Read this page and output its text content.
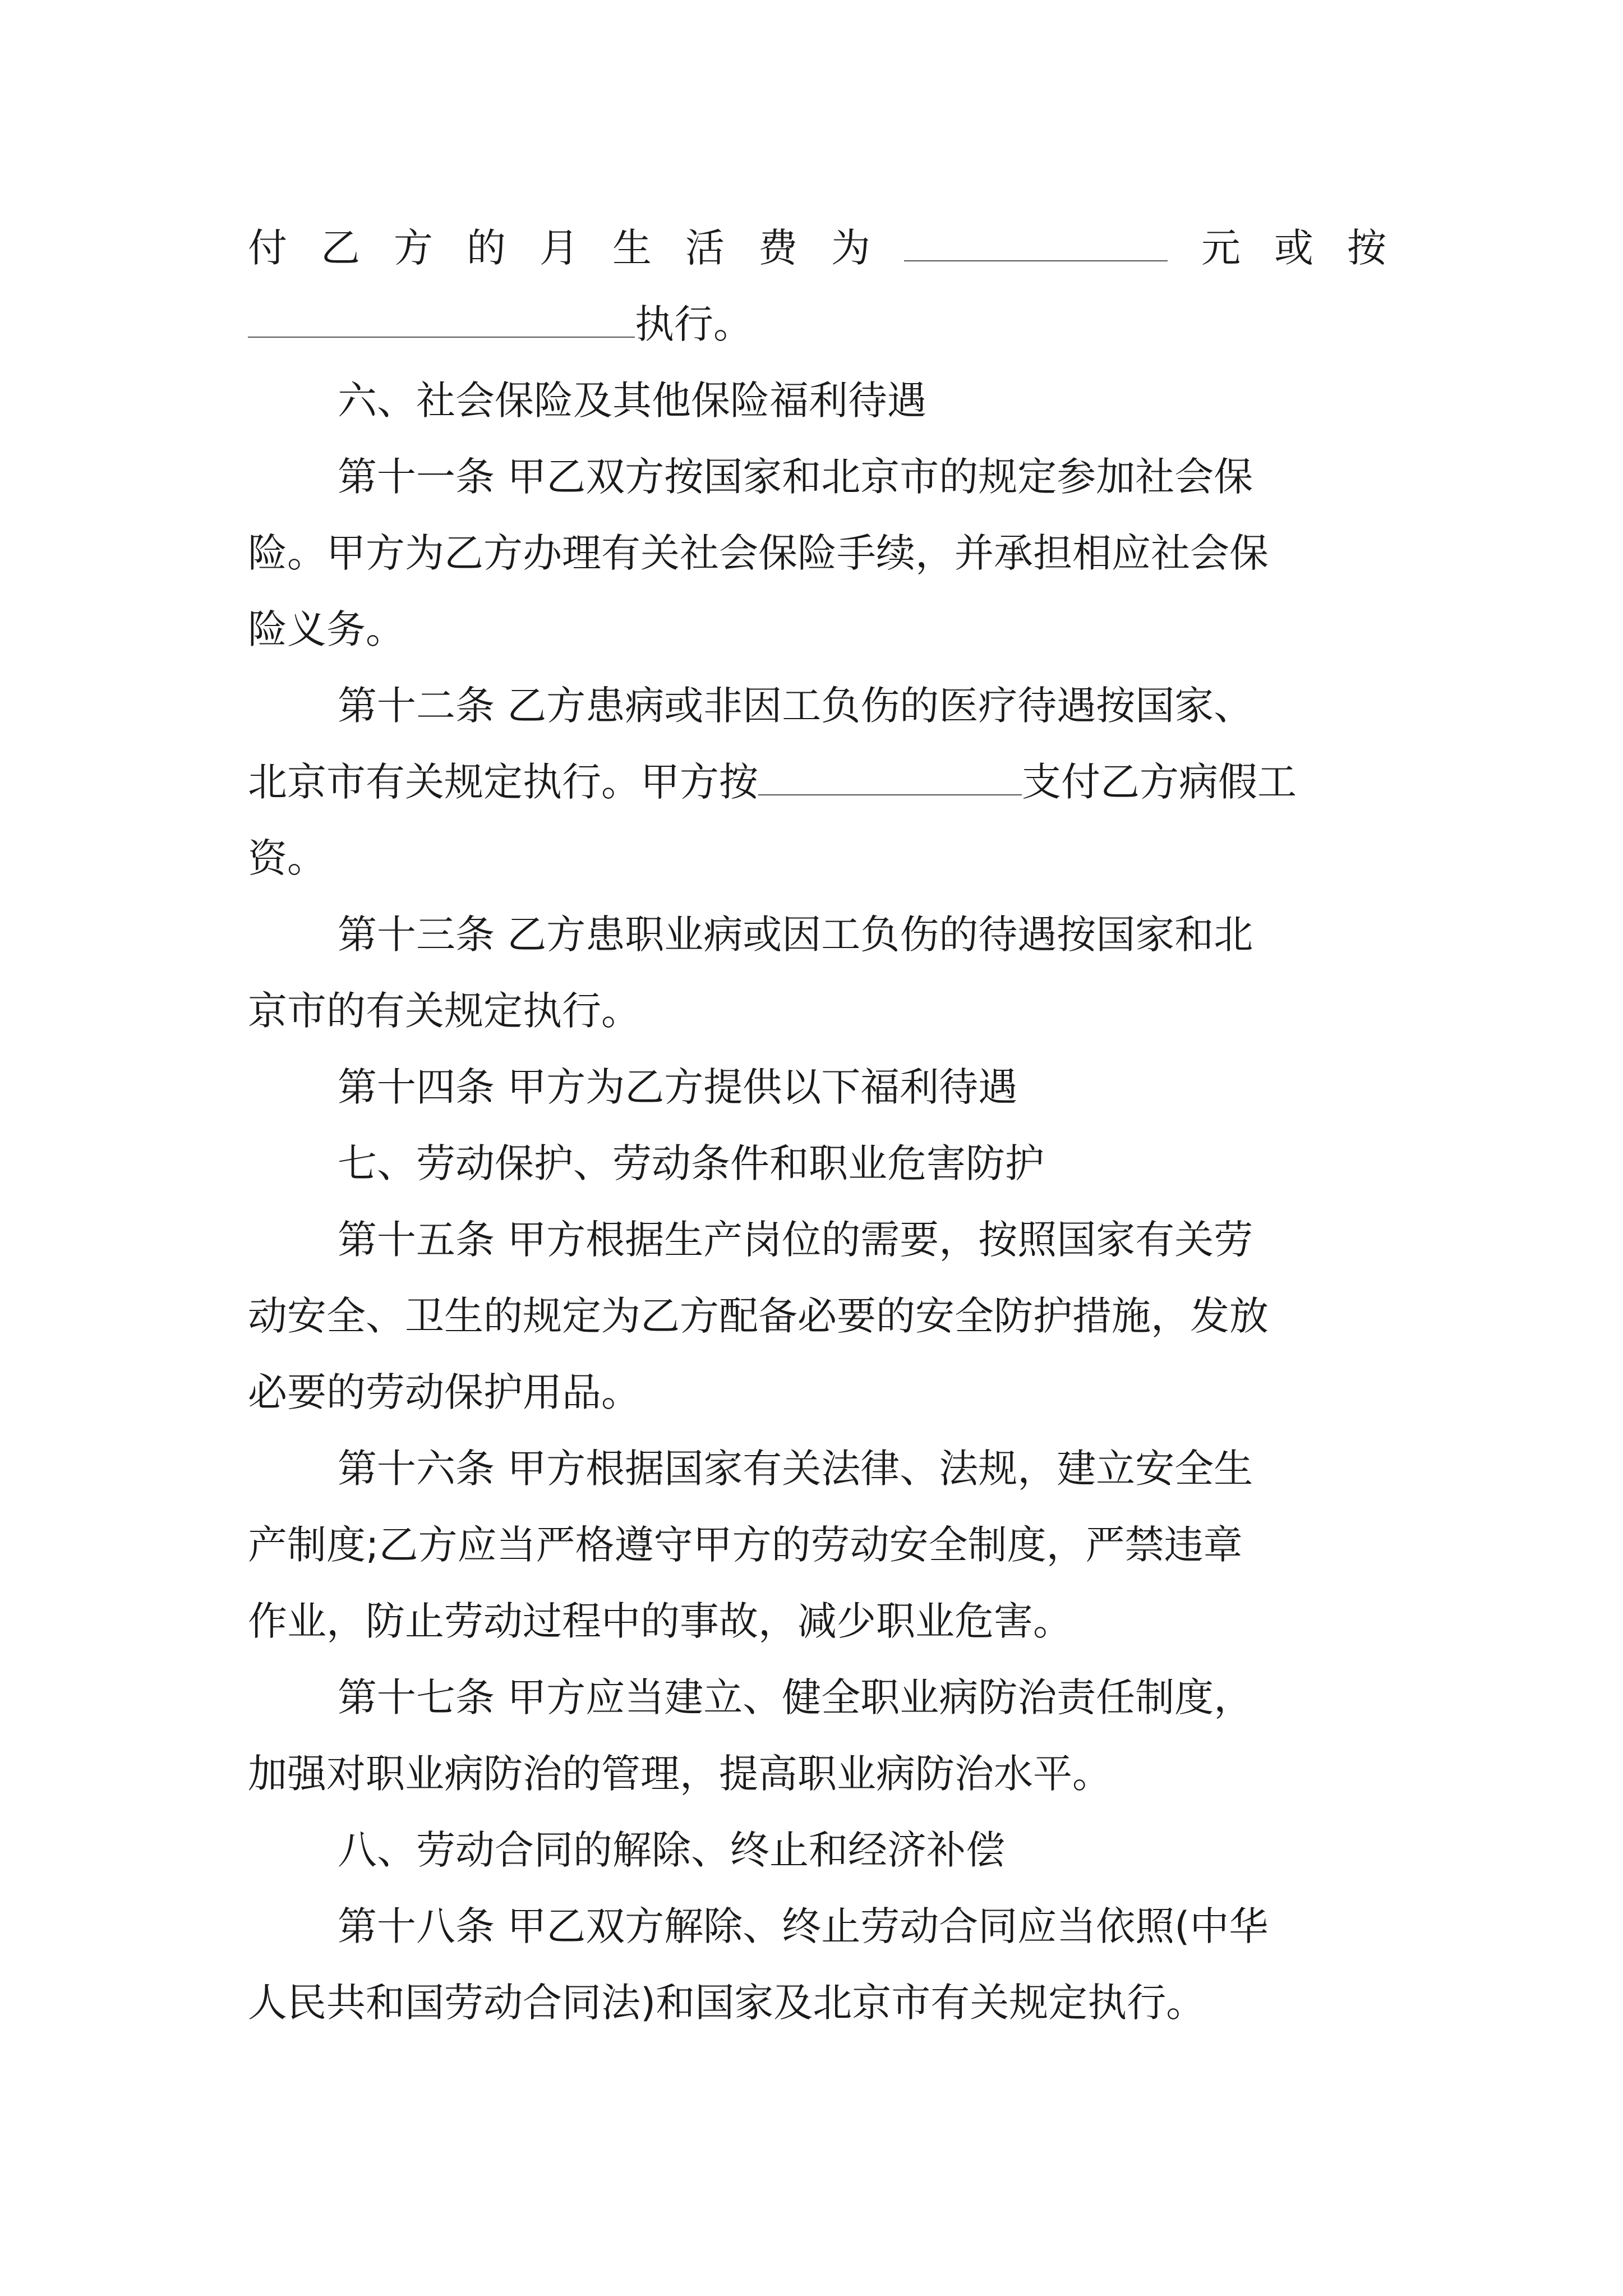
付 乙 方 的 月 生 活 费 为	元 或 按
执行。
六、社会保险及其他保险福利待遇
第十一条 甲乙双方按国家和北京市的规定参加社会保
险。甲方为乙方办理有关社会保险手续，并承担相应社会保
险义务。
第十二条 乙方患病或非因工负伤的医疗待遇按国家、
北京市有关规定执行。甲方按	支付乙方病假工
资。
第十三条 乙方患职业病或因工负伤的待遇按国家和北
京市的有关规定执行。
第十四条 甲方为乙方提供以下福利待遇
七、劳动保护、劳动条件和职业危害防护
第十五条 甲方根据生产岗位的需要，按照国家有关劳
动安全、卫生的规定为乙方配备必要的安全防护措施，发放
必要的劳动保护用品。
第十六条 甲方根据国家有关法律、法规，建立安全生
产制度;乙方应当严格遵守甲方的劳动安全制度，严禁违章
作业，防止劳动过程中的事故，减少职业危害。
第十七条 甲方应当建立、健全职业病防治责任制度，
加强对职业病防治的管理，提高职业病防治水平。
八、劳动合同的解除、终止和经济补偿
第十八条 甲乙双方解除、终止劳动合同应当依照(中华
人民共和国劳动合同法)和国家及北京市有关规定执行。
